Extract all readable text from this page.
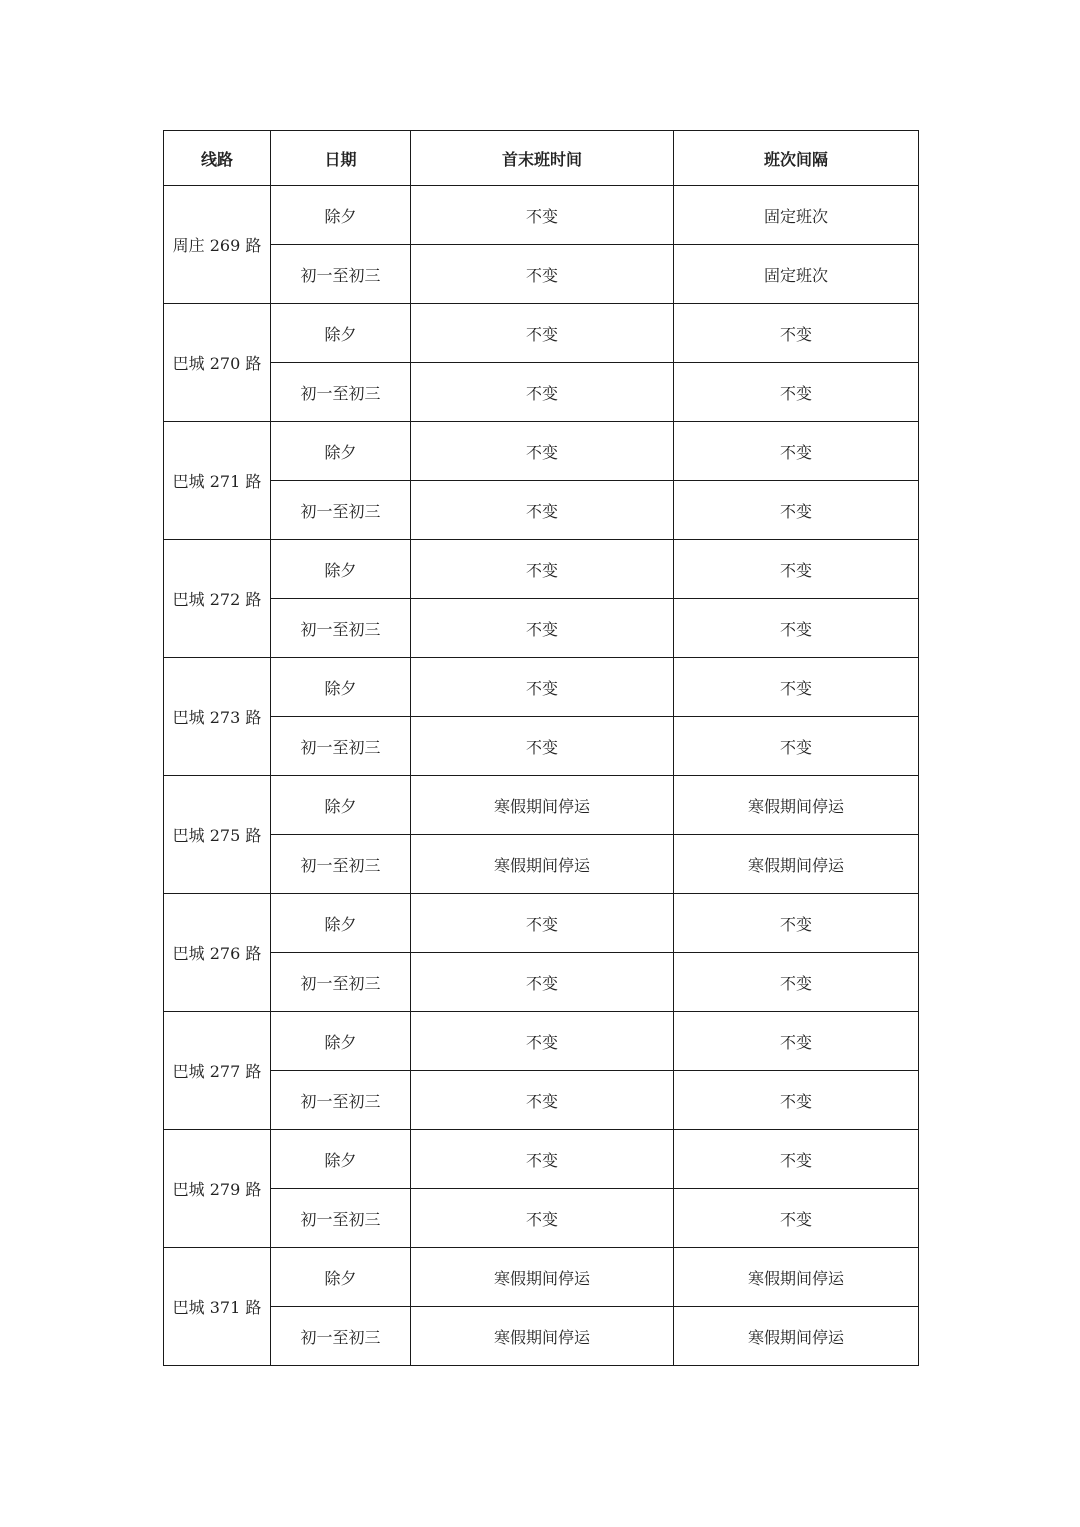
线路	日期	首末班时间	班次间隔
周庄 269 路	除夕	不变	固定班次
	初一至初三	不变	固定班次
巴城 270 路	除夕	不变	不变
	初一至初三	不变	不变
巴城 271 路	除夕	不变	不变
	初一至初三	不变	不变
巴城 272 路	除夕	不变	不变
	初一至初三	不变	不变
巴城 273 路	除夕	不变	不变
	初一至初三	不变	不变
巴城 275 路	除夕	寒假期间停运	寒假期间停运
	初一至初三	寒假期间停运	寒假期间停运
巴城 276 路	除夕	不变	不变
	初一至初三	不变	不变
巴城 277 路	除夕	不变	不变
	初一至初三	不变	不变
巴城 279 路	除夕	不变	不变
	初一至初三	不变	不变
巴城 371 路	除夕	寒假期间停运	寒假期间停运
	初一至初三	寒假期间停运	寒假期间停运
